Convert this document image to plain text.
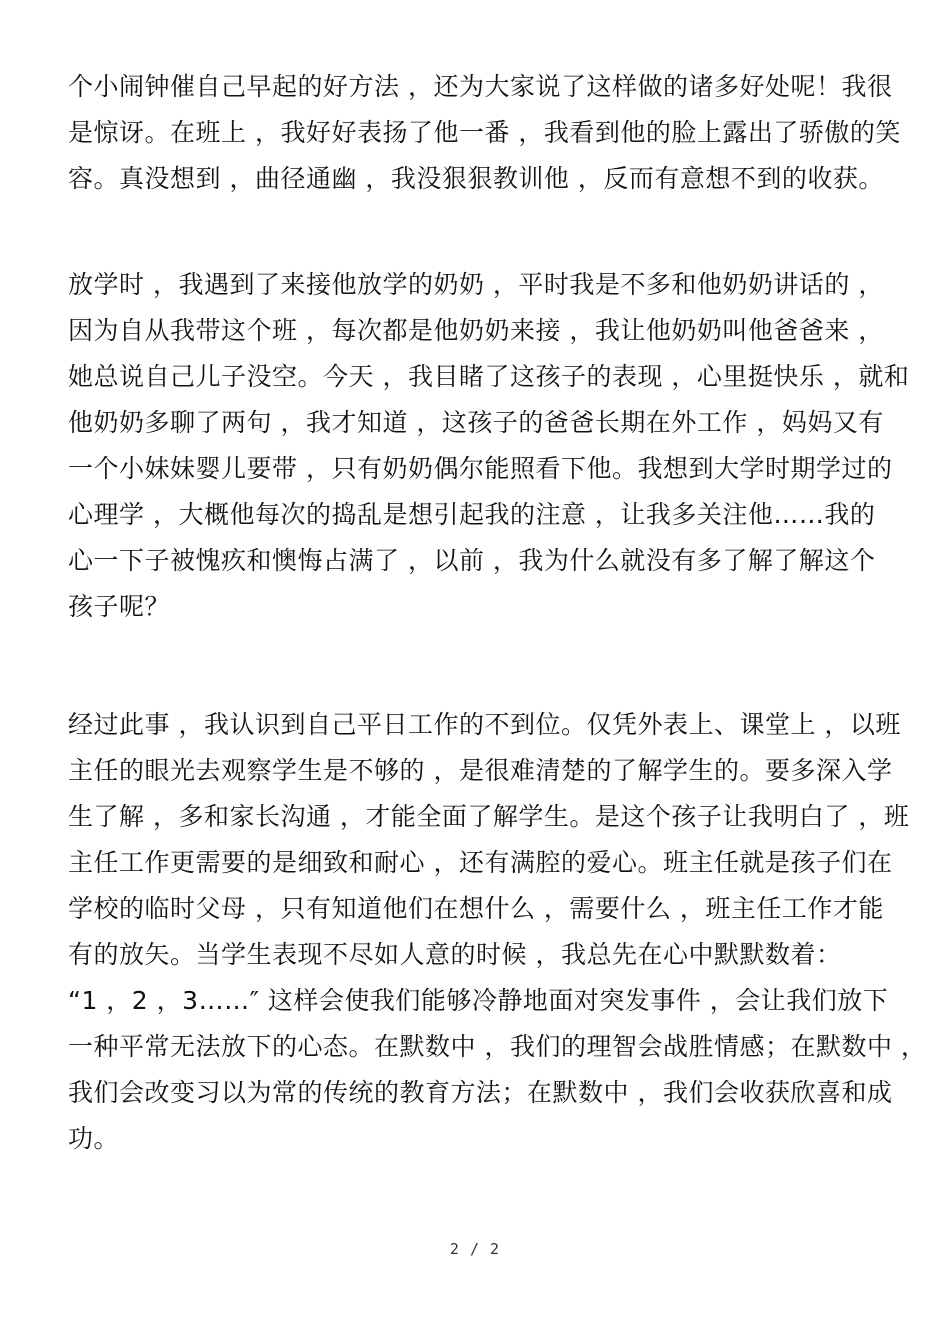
个小闹钟催自己早起的好方法 ，还为大家说了这样做的诸多好处呢！我很
是惊讶。在班上 ，我好好表扬了他一番 ，我看到他的脸上露出了骄傲的笑
容。真没想到 ，曲径通幽 ，我没狠狠教训他 ，反而有意想不到的收获。
放学时 ，我遇到了来接他放学的奶奶 ，平时我是不多和他奶奶讲话的 ，
因为自从我带这个班 ，每次都是他奶奶来接 ，我让他奶奶叫他爸爸来 ，
她总说自己儿子没空。今天 ，我目睹了这孩子的表现 ，心里挺快乐 ，就和
他奶奶多聊了两句 ，我才知道 ，这孩子的爸爸长期在外工作 ，妈妈又有
一个小妹妹婴儿要带 ，只有奶奶偶尔能照看下他。我想到大学时期学过的
心理学 ，大概他每次的捣乱是想引起我的注意 ，让我多关注他……我的
心一下子被愧疚和懊悔占满了 ，以前 ，我为什么就没有多了解了解这个
孩子呢？
经过此事 ，我认识到自己平日工作的不到位。仅凭外表上、课堂上 ，以班
主任的眼光去观察学生是不够的 ，是很难清楚的了解学生的。要多深入学
生了解 ，多和家长沟通 ，才能全面了解学生。是这个孩子让我明白了 ，班
主任工作更需要的是细致和耐心 ，还有满腔的爱心。班主任就是孩子们在
学校的临时父母 ，只有知道他们在想什么 ，需要什么 ，班主任工作才能
有的放矢。当学生表现不尽如人意的时候 ，我总先在心中默默数着：
“1 ，2 ，3……″ 这样会使我们能够冷静地面对突发事件 ，会让我们放下
一种平常无法放下的心态。在默数中 ，我们的理智会战胜情感；在默数中 ，
我们会改变习以为常的传统的教育方法；在默数中 ，我们会收获欣喜和成
功。
2 / 2
